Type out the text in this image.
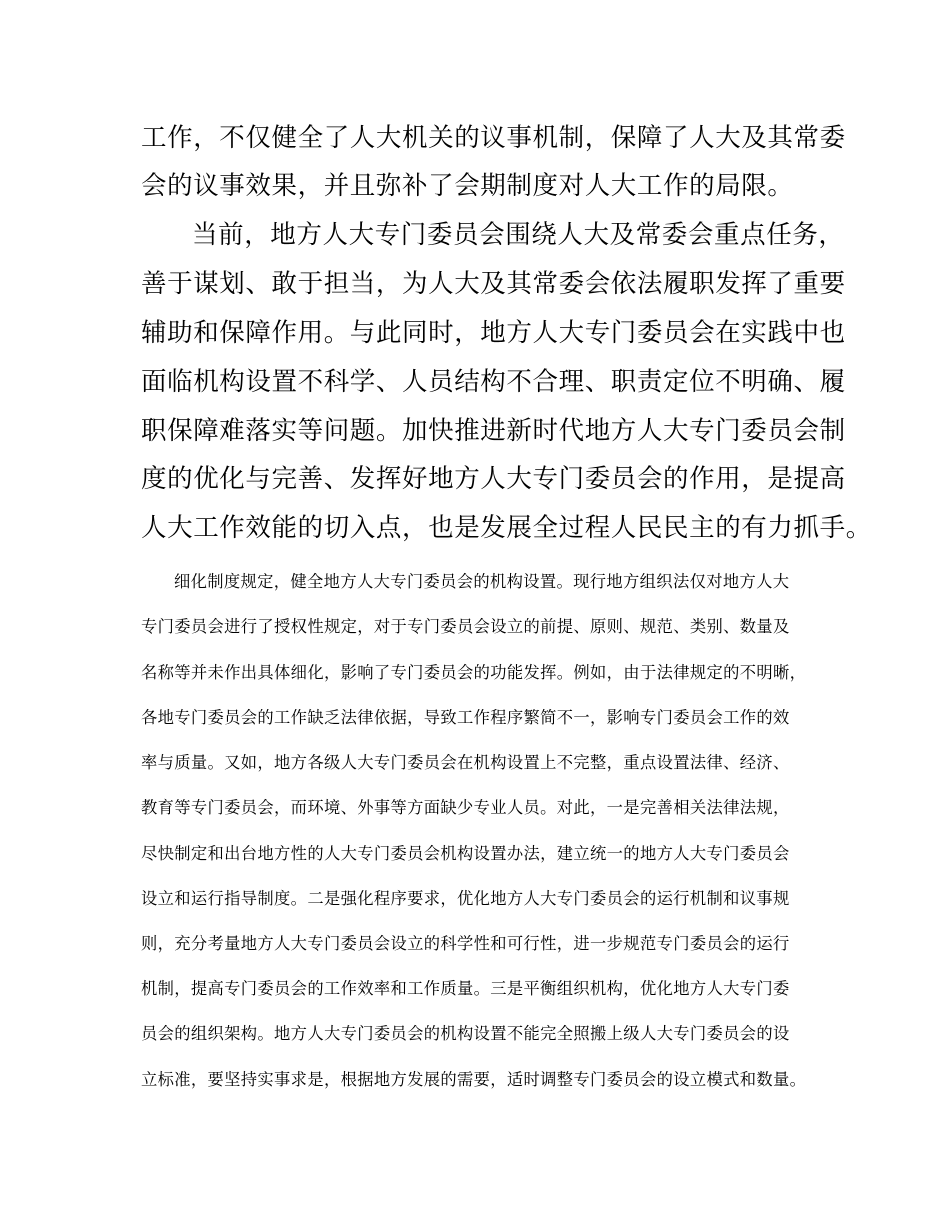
工作，不仅健全了人大机关的议事机制，保障了人大及其常委

会的议事效果，并且弥补了会期制度对人大工作的局限。

当前，地方人大专门委员会围绕人大及常委会重点任务，

善于谋划、敢于担当，为人大及其常委会依法履职发挥了重要

辅助和保障作用。与此同时，地方人大专门委员会在实践中也

面临机构设置不科学、人员结构不合理、职责定位不明确、履

职保障难落实等问题。加快推进新时代地方人大专门委员会制

度的优化与完善、发挥好地方人大专门委员会的作用，是提高

人大工作效能的切入点，也是发展全过程人民民主的有力抓手。

细化制度规定，健全地方人大专门委员会的机构设置。现行地方组织法仅对地方人大

专门委员会进行了授权性规定，对于专门委员会设立的前提、原则、规范、类别、数量及

名称等并未作出具体细化，影响了专门委员会的功能发挥。例如，由于法律规定的不明晰，

各地专门委员会的工作缺乏法律依据，导致工作程序繁简不一，影响专门委员会工作的效

率与质量。又如，地方各级人大专门委员会在机构设置上不完整，重点设置法律、经济、

教育等专门委员会，而环境、外事等方面缺少专业人员。对此，一是完善相关法律法规，

尽快制定和出台地方性的人大专门委员会机构设置办法，建立统一的地方人大专门委员会

设立和运行指导制度。二是强化程序要求，优化地方人大专门委员会的运行机制和议事规

则，充分考量地方人大专门委员会设立的科学性和可行性，进一步规范专门委员会的运行

机制，提高专门委员会的工作效率和工作质量。三是平衡组织机构，优化地方人大专门委

员会的组织架构。地方人大专门委员会的机构设置不能完全照搬上级人大专门委员会的设

立标准，要坚持实事求是，根据地方发展的需要，适时调整专门委员会的设立模式和数量。
